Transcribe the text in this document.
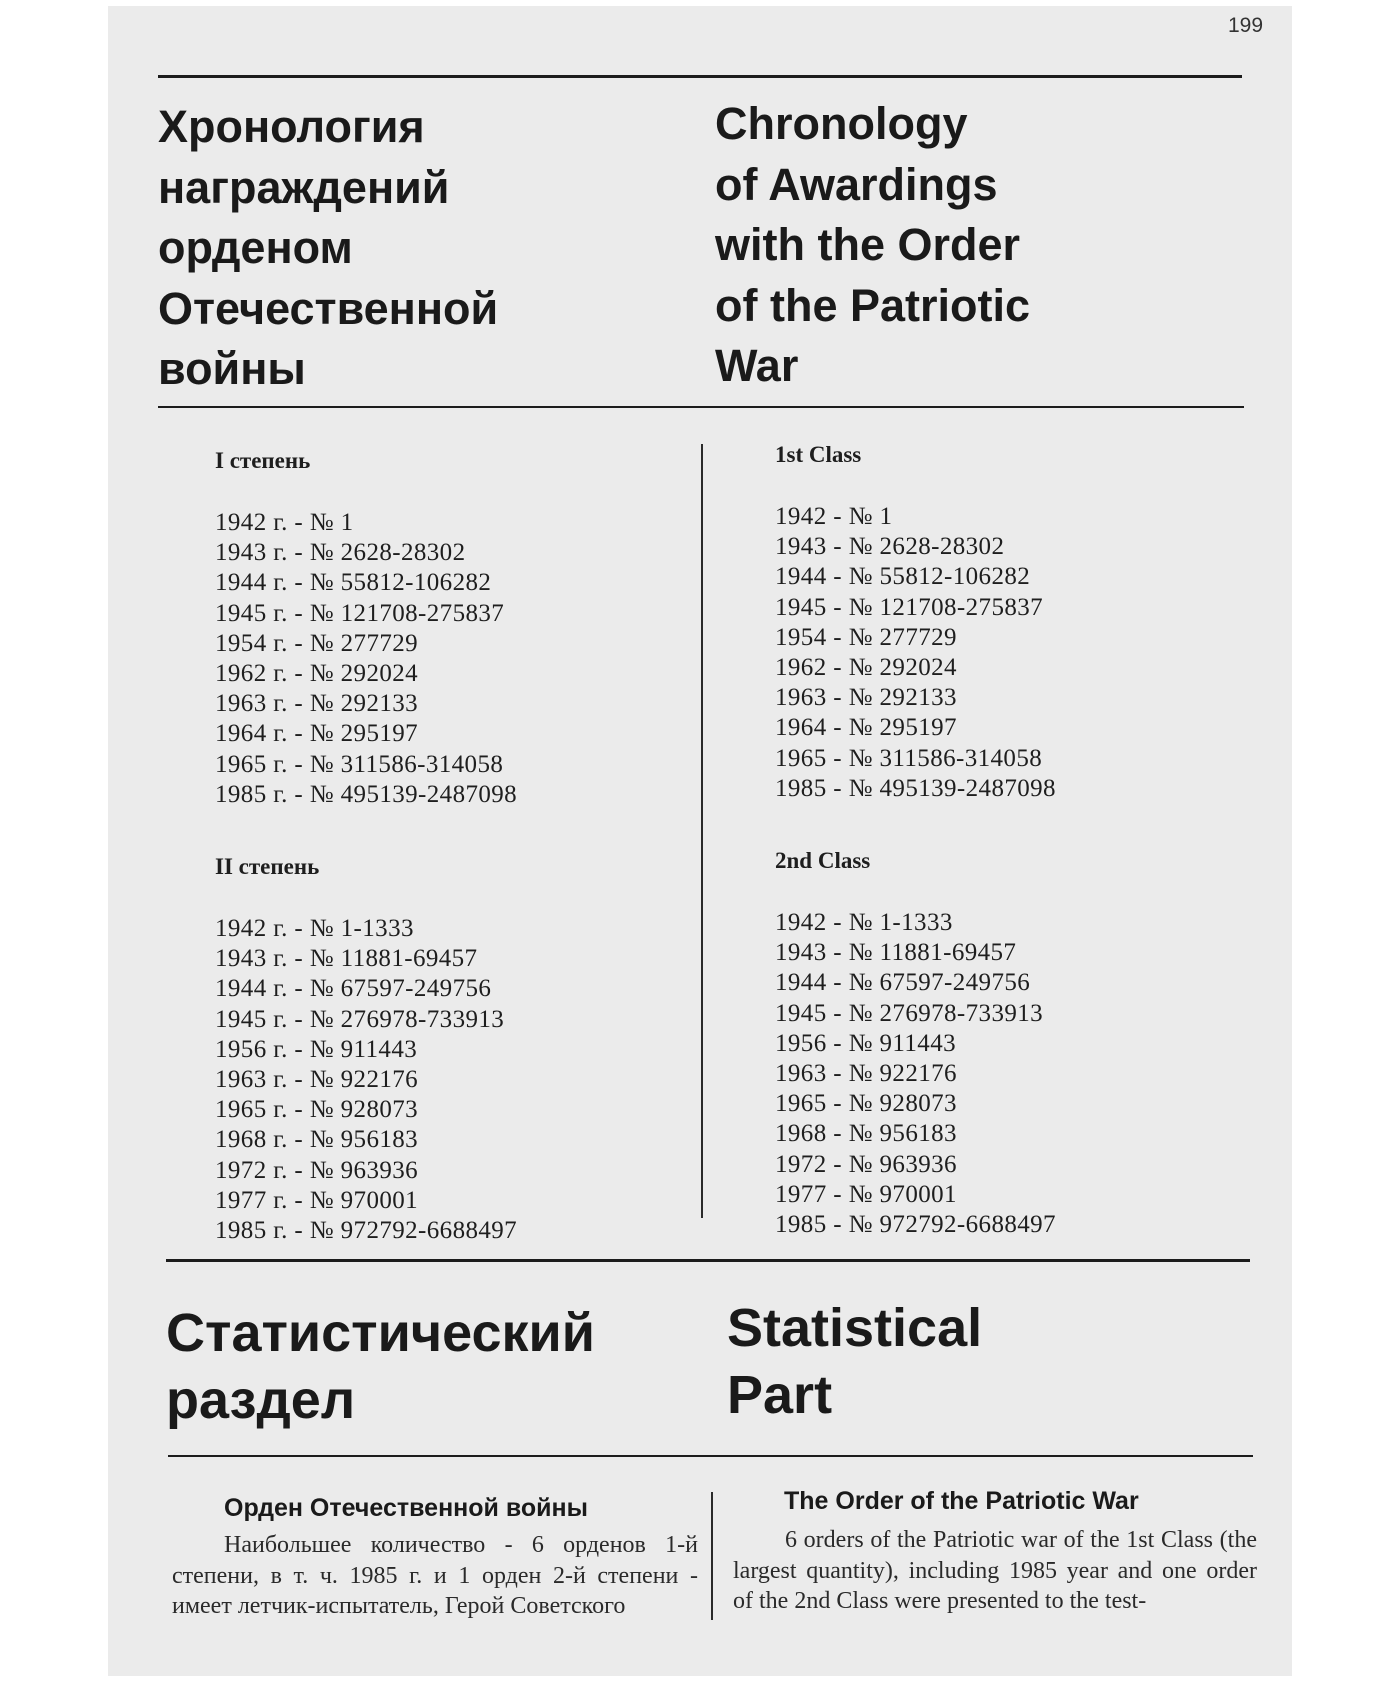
199
Хронология
награждений
орденом
Отечественной
войны
Chronology
of Awardings
with the Order
of the Patriotic
War
I степень
1942 г. - № 1
1943 г. - № 2628-28302
1944 г. - № 55812-106282
1945 г. - № 121708-275837
1954 г. - № 277729
1962 г. - № 292024
1963 г. - № 292133
1964 г. - № 295197
1965 г. - № 311586-314058
1985 г. - № 495139-2487098
II степень
1942 г. - № 1-1333
1943 г. - № 11881-69457
1944 г. - № 67597-249756
1945 г. - № 276978-733913
1956 г. - № 911443
1963 г. - № 922176
1965 г. - № 928073
1968 г. - № 956183
1972 г. - № 963936
1977 г. - № 970001
1985 г. - № 972792-6688497
1st Class
1942 - № 1
1943 - № 2628-28302
1944 - № 55812-106282
1945 - № 121708-275837
1954 - № 277729
1962 - № 292024
1963 - № 292133
1964 - № 295197
1965 - № 311586-314058
1985 - № 495139-2487098
2nd Class
1942 - № 1-1333
1943 - № 11881-69457
1944 - № 67597-249756
1945 - № 276978-733913
1956 - № 911443
1963 - № 922176
1965 - № 928073
1968 - № 956183
1972 - № 963936
1977 - № 970001
1985 - № 972792-6688497
Статистический
раздел
Statistical
Part
Орден Отечественной войны

Наибольшее количество - 6 орденов 1-й степени, в т. ч. 1985 г. и 1 орден 2-й степени - имеет летчик-испытатель, Герой Советского

The Order of the Patriotic War

6 orders of the Patriotic war of the 1st Class (the largest quantity), including 1985 year and one order of the 2nd Class were presented to the test-
